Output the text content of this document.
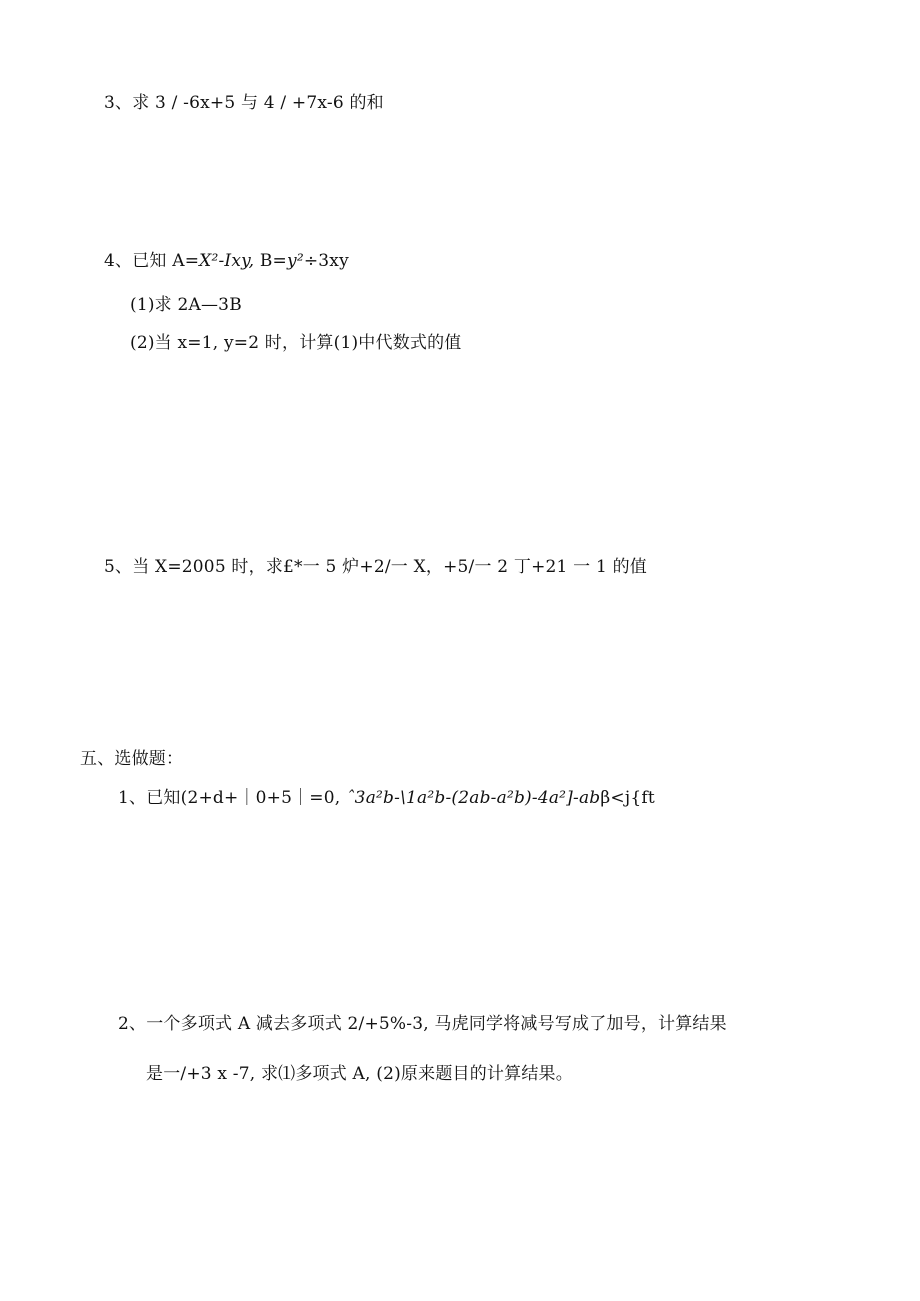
3、求 3 / -6x+5 与 4 / +7x-6 的和
4、已知 A=X²-Ixy, B=y²÷3xy
(1)求 2A—3B
(2)当 x=1, y=2 时，计算(1)中代数式的值
5、当 X=2005 时，求£*一 5 炉+2/一 X，+5/一 2 丁+21 一 1 的值
五、选做题：
1、已知(2+d+｜0+5｜=0, ˆ3a²b-\1a²b-(2ab-a²b)-4a²]-abβ<j{ft
2、一个多项式 A 减去多项式 2/+5%-3, 马虎同学将减号写成了加号，计算结果
是一/+3 x -7, 求⑴多项式 A, (2)原来题目的计算结果。
